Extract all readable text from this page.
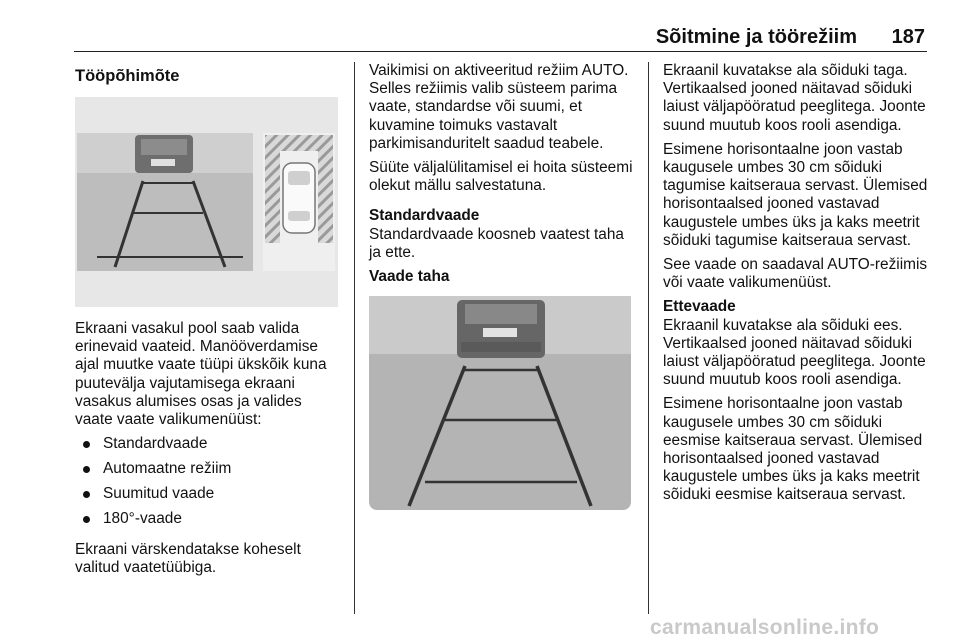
Sõitmine ja töörežiim 187
Tööpõhimõte

Ekraani vasakul pool saab valida erinevaid vaateid. Manööverdamise ajal muutke vaate tüüpi ükskõik kuna puutevälja vajutamisega ekraani vasakus alumises osas ja valides vaate vaate valikumenüüst:

Standardvaade
Automaatne režiim
Suumitud vaade
180°-vaade

Ekraani värskendatakse koheselt valitud vaatetüübiga.

Vaikimisi on aktiveeritud režiim AUTO. Selles režiimis valib süsteem parima vaate, standardse või suumi, et kuvamine toimuks vastavalt parkimisanduritelt saadud teabele.

Süüte väljalülitamisel ei hoita süsteemi olekut mällu salvestatuna.

Standardvaade

Standardvaade koosneb vaatest taha ja ette.

Vaade taha

Ekraanil kuvatakse ala sõiduki taga. Vertikaalsed jooned näitavad sõiduki laiust väljapööratud peeglitega. Joonte suund muutub koos rooli asendiga.

Esimene horisontaalne joon vastab kaugusele umbes 30 cm sõiduki tagumise kaitseraua servast. Ülemised horisontaalsed jooned vastavad kaugustele umbes üks ja kaks meetrit sõiduki tagumise kaitseraua servast.

See vaade on saadaval AUTO-režiimis või vaate valikumenüüst.

Ettevaade

Ekraanil kuvatakse ala sõiduki ees. Vertikaalsed jooned näitavad sõiduki laiust väljapööratud peeglitega. Joonte suund muutub koos rooli asendiga.

Esimene horisontaalne joon vastab kaugusele umbes 30 cm sõiduki eesmise kaitseraua servast. Ülemised horisontaalsed jooned vastavad kaugustele umbes üks ja kaks meetrit sõiduki eesmise kaitseraua servast.

carmanualsonline.info
